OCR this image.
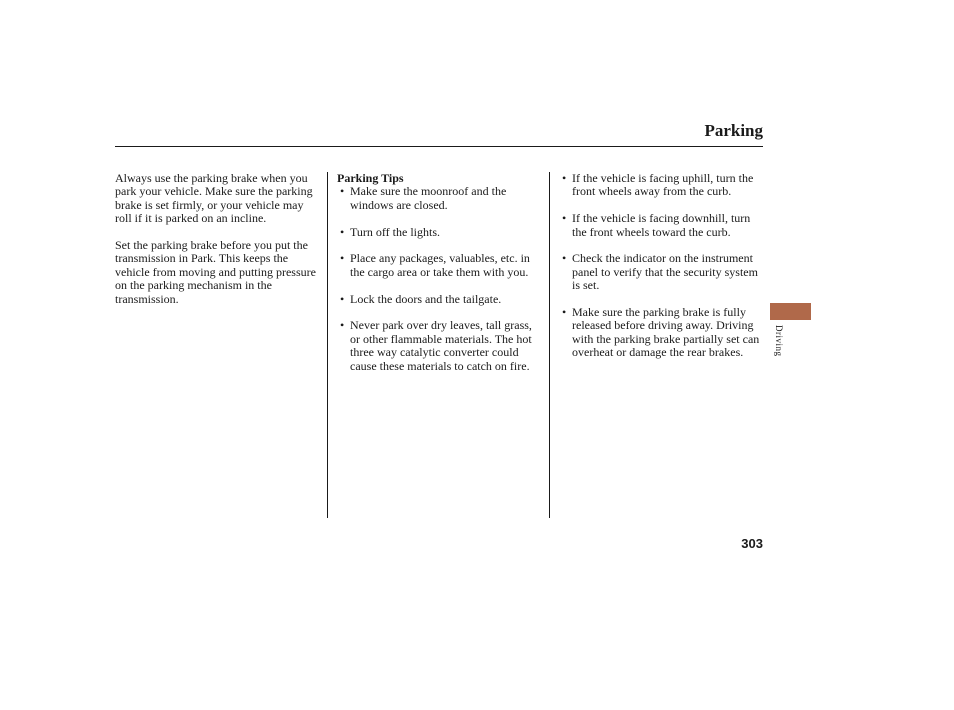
Parking

Always use the parking brake when you park your vehicle. Make sure the parking brake is set firmly, or your vehicle may roll if it is parked on an incline.

Set the parking brake before you put the transmission in Park. This keeps the vehicle from moving and putting pressure on the parking mechanism in the transmission.

Parking Tips
• Make sure the moonroof and the windows are closed.
• Turn off the lights.
• Place any packages, valuables, etc. in the cargo area or take them with you.
• Lock the doors and the tailgate.
• Never park over dry leaves, tall grass, or other flammable materials. The hot three way catalytic converter could cause these materials to catch on fire.
• If the vehicle is facing uphill, turn the front wheels away from the curb.
• If the vehicle is facing downhill, turn the front wheels toward the curb.
• Check the indicator on the instrument panel to verify that the security system is set.
• Make sure the parking brake is fully released before driving away. Driving with the parking brake partially set can overheat or damage the rear brakes.	Driving
303
